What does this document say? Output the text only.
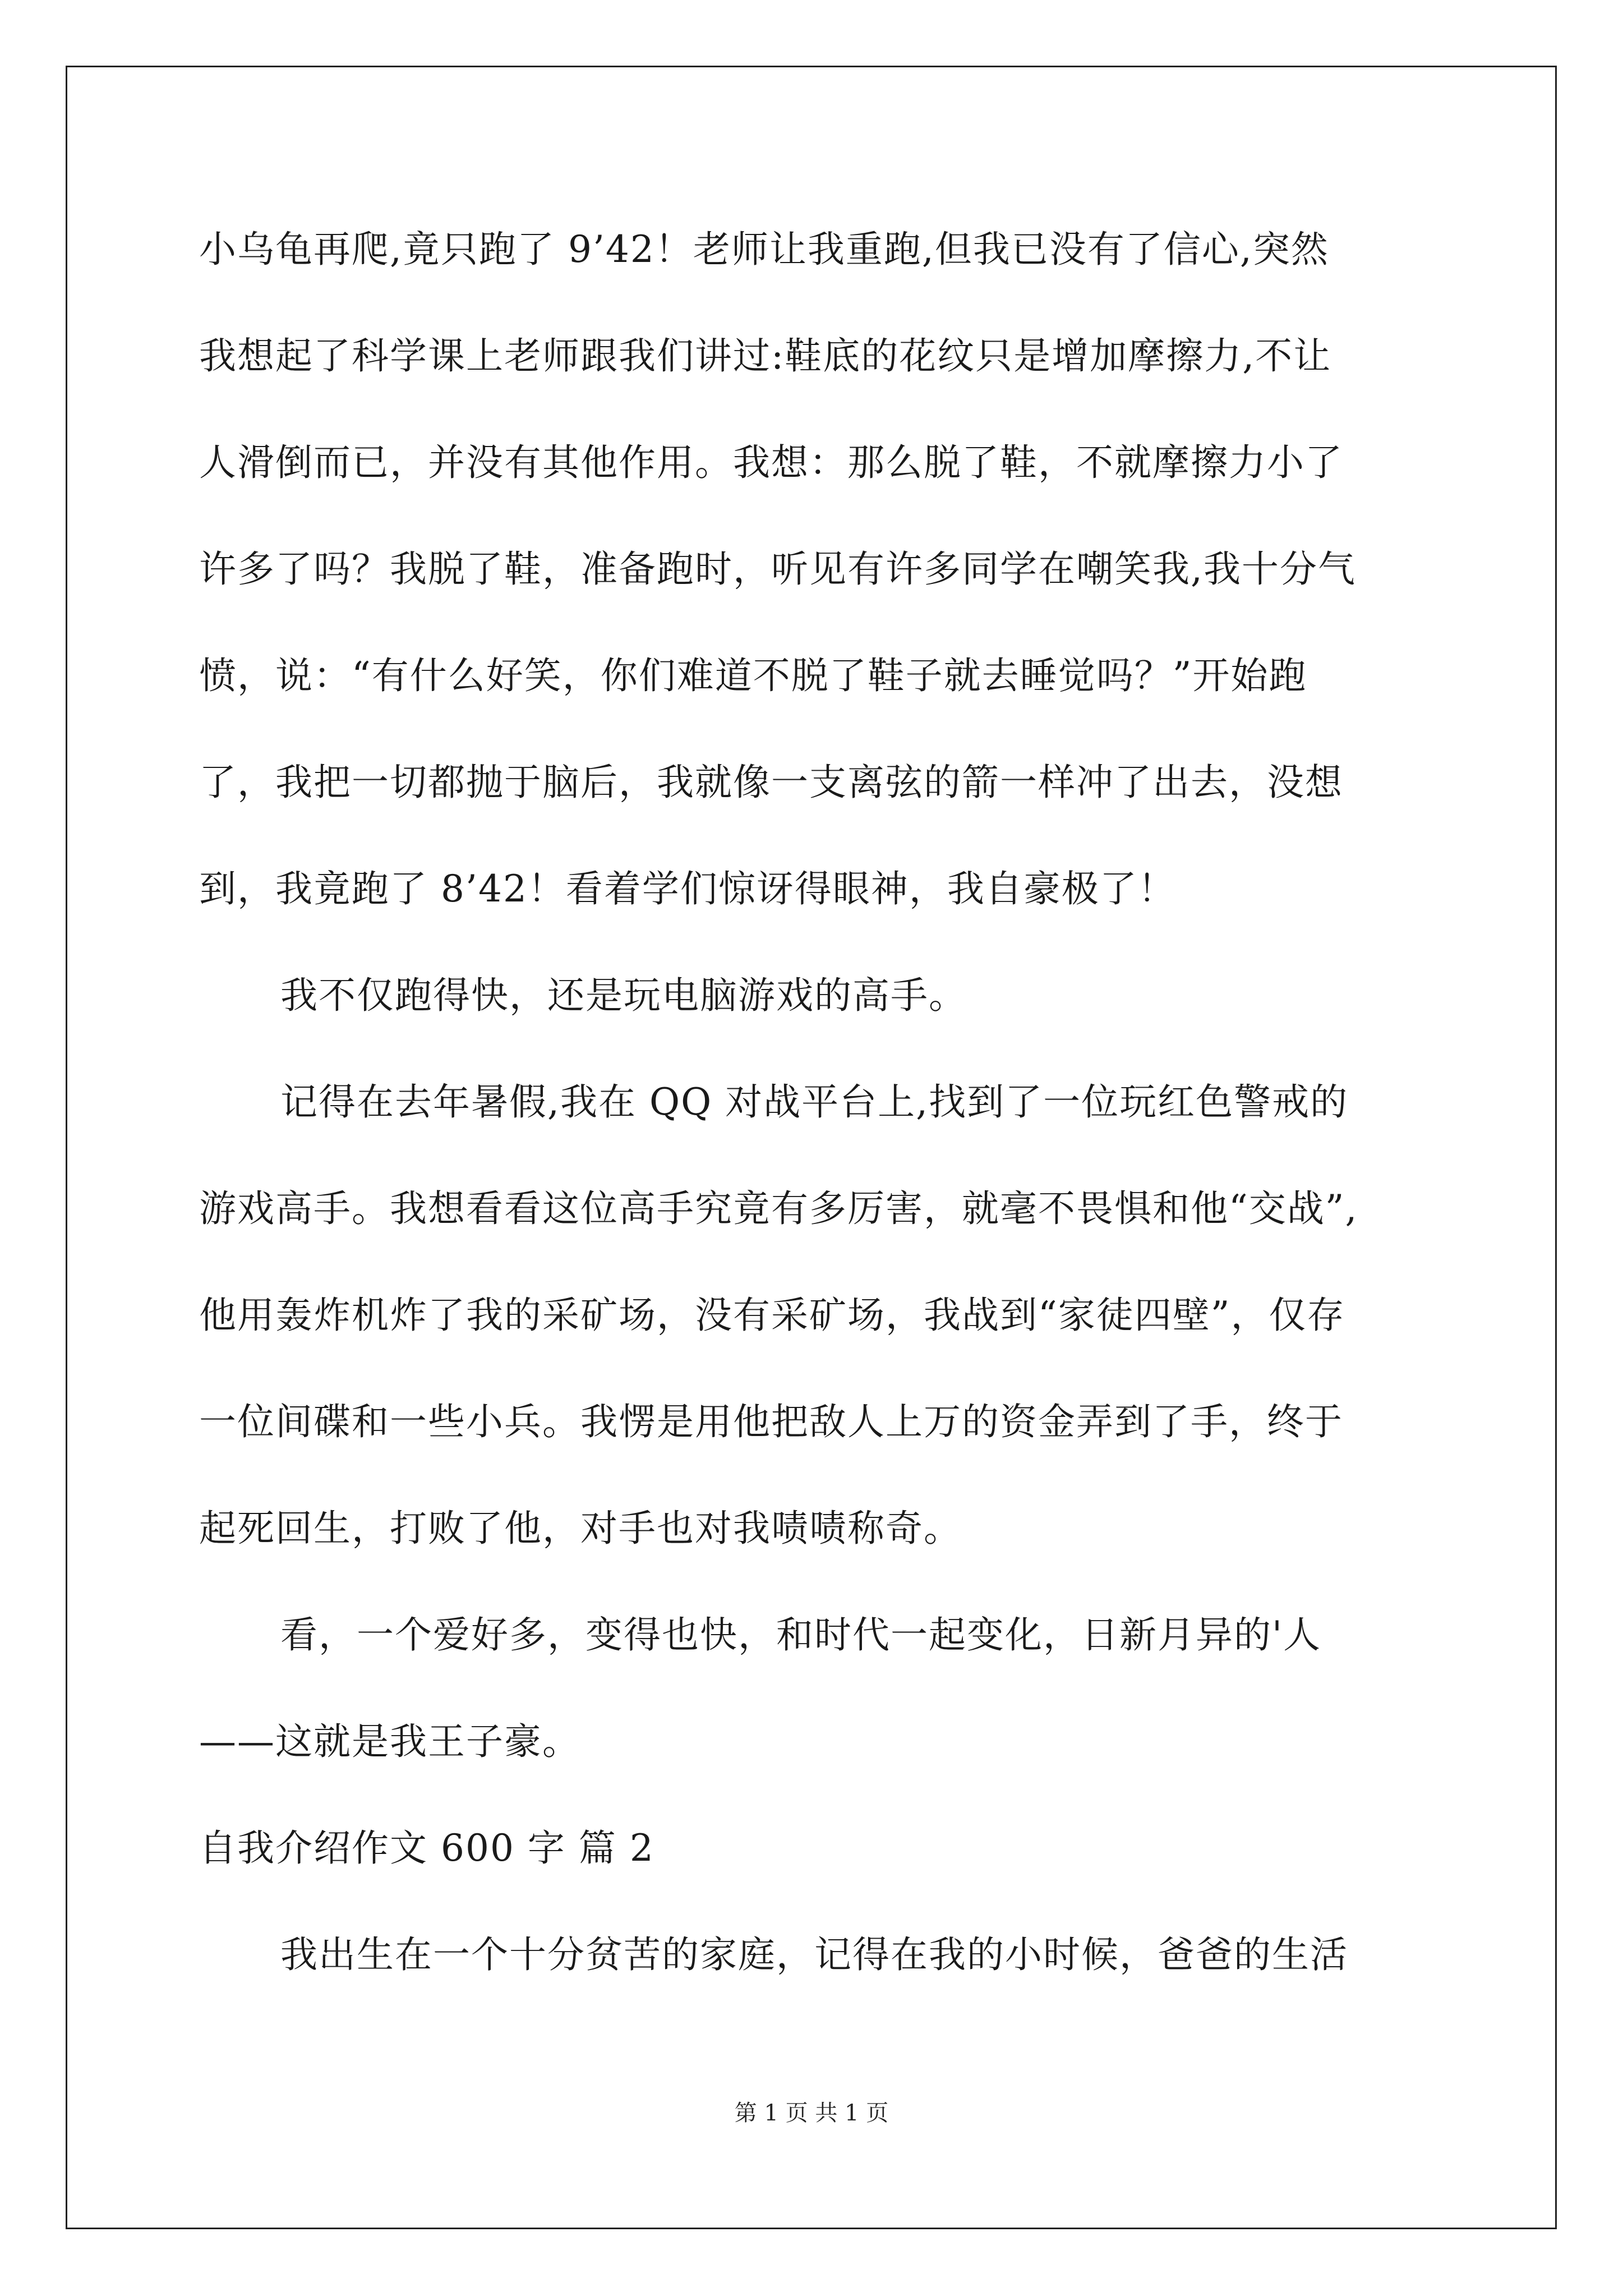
小乌龟再爬,竟只跑了 9’42！老师让我重跑,但我已没有了信心,突然
我想起了科学课上老师跟我们讲过:鞋底的花纹只是增加摩擦力,不让
人滑倒而已，并没有其他作用。我想：那么脱了鞋，不就摩擦力小了
许多了吗？我脱了鞋，准备跑时，听见有许多同学在嘲笑我,我十分气
愤，说：“有什么好笑，你们难道不脱了鞋子就去睡觉吗？”开始跑
了，我把一切都抛于脑后，我就像一支离弦的箭一样冲了出去，没想
到，我竟跑了 8’42！看着学们惊讶得眼神，我自豪极了！
我不仅跑得快，还是玩电脑游戏的高手。
记得在去年暑假,我在 QQ 对战平台上,找到了一位玩红色警戒的
游戏高手。我想看看这位高手究竟有多厉害，就毫不畏惧和他“交战”,
他用轰炸机炸了我的采矿场，没有采矿场，我战到“家徒四壁”，仅存
一位间碟和一些小兵。我愣是用他把敌人上万的资金弄到了手，终于
起死回生，打败了他，对手也对我啧啧称奇。
看，一个爱好多，变得也快，和时代一起变化，日新月异的'人
——这就是我王子豪。
自我介绍作文 600 字 篇 2
我出生在一个十分贫苦的家庭，记得在我的小时候，爸爸的生活
第 1 页 共 1 页
